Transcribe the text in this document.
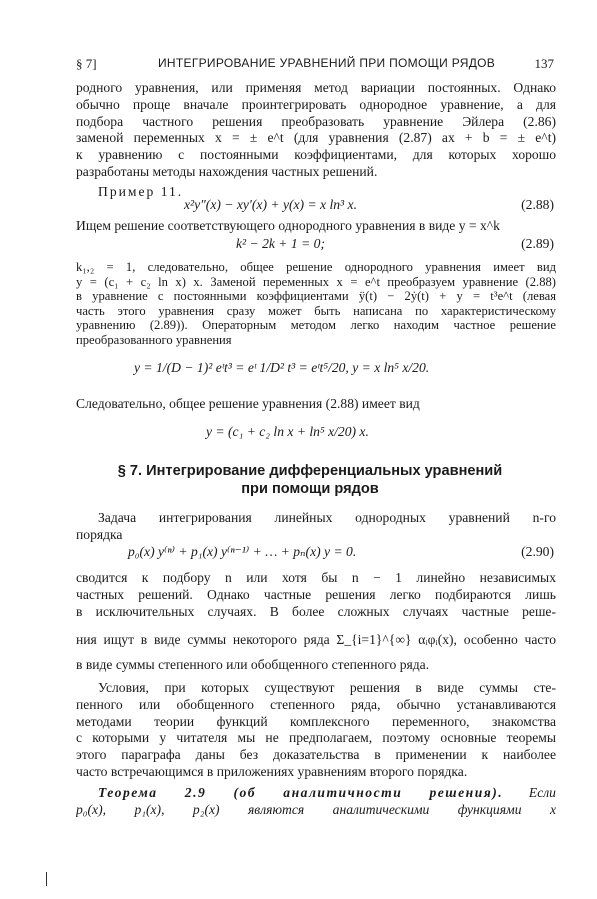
§ 7]	ИНТЕГРИРОВАНИЕ УРАВНЕНИЙ ПРИ ПОМОЩИ РЯДОВ	137
родного уравнения, или применяя метод вариации постоянных. Однако
обычно проще вначале проинтегрировать однородное уравнение, а для
подбора частного решения преобразовать уравнение Эйлера (2.86)
заменой переменных x = ± e^t (для уравнения (2.87) ax + b = ± e^t)
к уравнению с постоянными коэффициентами, для которых хорошо
разработаны методы нахождения частных решений.
Пример 11.
x²y″(x) − xy′(x) + y(x) = x ln³ x.	(2.88)
Ищем решение соответствующего однородного уравнения в виде y = x^k
k² − 2k + 1 = 0;	(2.89)
k₁,₂ = 1, следовательно, общее решение однородного уравнения имеет вид
y = (c₁ + c₂ ln x) x. Заменой переменных x = e^t преобразуем уравнение (2.88)
в уравнение с постоянными коэффициентами ÿ(t) − 2ẏ(t) + y = t³e^t (левая
часть этого уравнения сразу может быть написана по характеристическому
уравнению (2.89)). Операторным методом легко находим частное решение
преобразованного уравнения
y = 1/(D − 1)² eᵗt³ = eᵗ 1/D² t³ = eᵗt⁵/20, y = x ln⁵ x/20.
Следовательно, общее решение уравнения (2.88) имеет вид
y = (c₁ + c₂ ln x + ln⁵ x/20) x.
§ 7. Интегрирование дифференциальных уравнений
при помощи рядов
Задача интегрирования линейных однородных уравнений n-го
порядка
p₀(x) y⁽ⁿ⁾ + p₁(x) y⁽ⁿ⁻¹⁾ + … + pₙ(x) y = 0.	(2.90)
сводится к подбору n или хотя бы n − 1 линейно независимых
частных решений. Однако частные решения легко подбираются лишь
в исключительных случаях. В более сложных случаях частные реше-
ния ищут в виде суммы некоторого ряда Σ_{i=1}^{∞} αᵢφᵢ(x), особенно часто
в виде суммы степенного или обобщенного степенного ряда.
Условия, при которых существуют решения в виде суммы сте-
пенного или обобщенного степенного ряда, обычно устанавливаются
методами теории функций комплексного переменного, знакомства
с которыми у читателя мы не предполагаем, поэтому основные теоремы
этого параграфа даны без доказательства в применении к наиболее
часто встречающимся в приложениях уравнениям второго порядка.
Теорема 2.9 (об аналитичности решения). Если
p₀(x), p₁(x), p₂(x) являются аналитическими функциями x
